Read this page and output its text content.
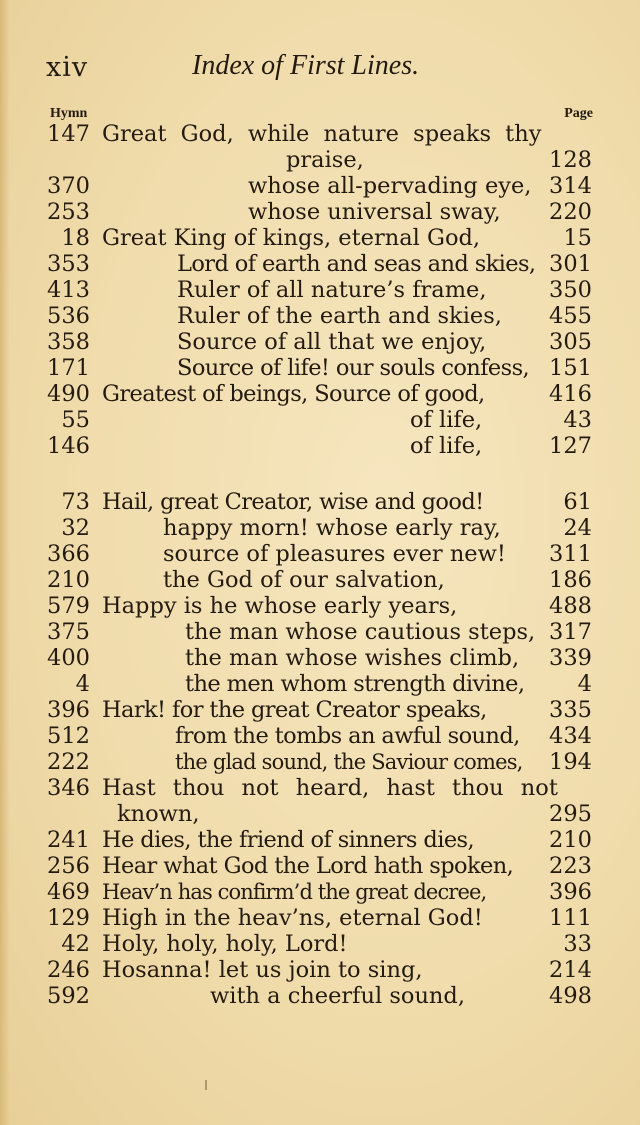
xiv	Index of First Lines.
Hymn	Page
147 Great God, while nature speaks thy
praise,	128
370	whose all-pervading eye, 314
253	whose universal sway, 220
18 Great King of kings, eternal God,	15
353	Lord of earth and seas and skies, 301
413	Ruler of all nature’s frame,	350
536	Ruler of the earth and skies, 455
358	Source of all that we enjoy,	305
171	Source of life! our souls confess, 151
490 Greatest of beings, Source of good,	416
55	of life,	43
146	of life,	127
73 Hail, great Creator, wise and good!	61
32	happy morn! whose early ray,	24
366	source of pleasures ever new! 311
210	the God of our salvation,	186
579 Happy is he whose early years,	488
375	the man whose cautious steps, 317
400	the man whose wishes climb, 339
4	the men whom strength divine, 4
396 Hark! for the great Creator speaks,	335
512	from the tombs an awful sound, 434
222	the glad sound, the Saviour comes, 194
346 Hast thou not heard, hast thou not
known,	295
241 He dies, the friend of sinners dies,	210
256 Hear what God the Lord hath spoken, 223
469 Heav’n has confirm’d the great decree,	396
129 High in the heav’ns, eternal God!	111
42 Holy, holy, holy, Lord!	33
246 Hosanna! let us join to sing,	214
592	with a cheerful sound,	498
